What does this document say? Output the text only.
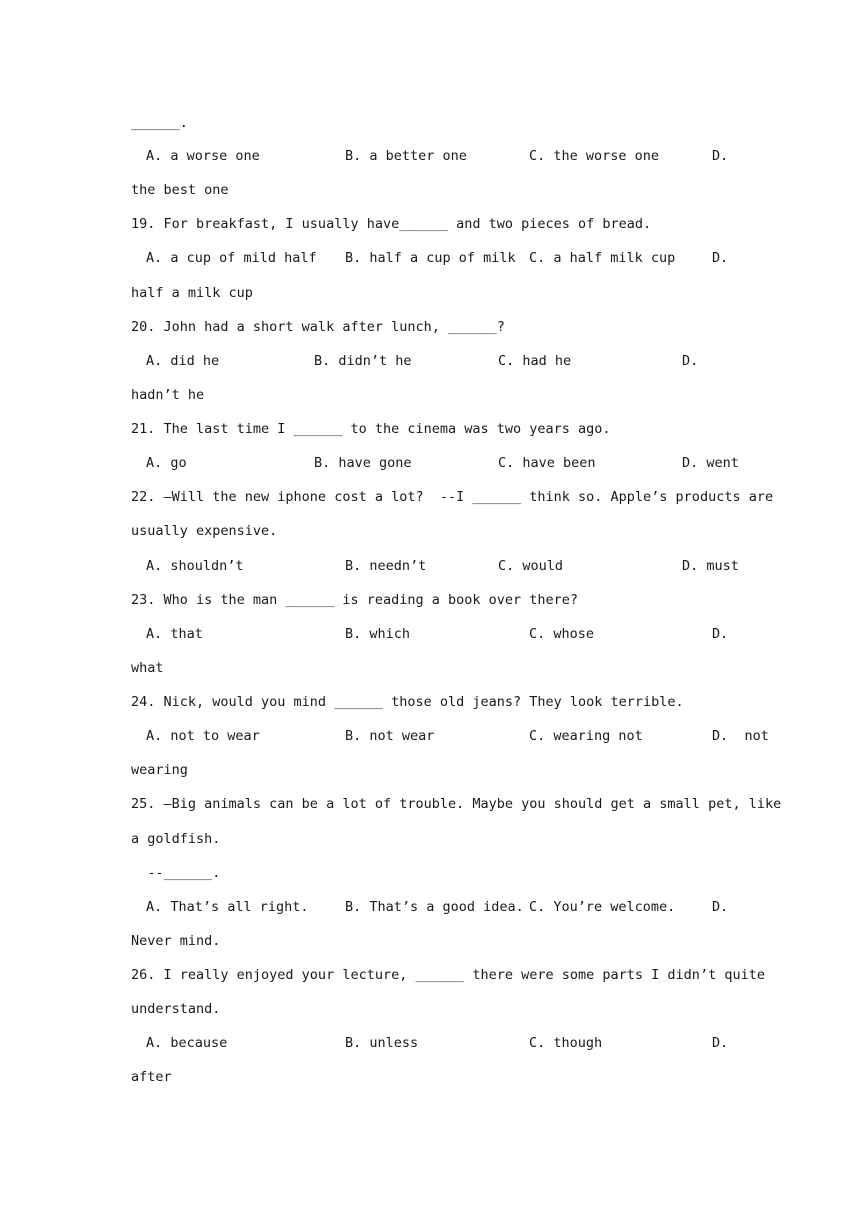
______.
A. a worse one	B. a better one	C. the worse one	D.
the best one
19. For breakfast, I usually have______ and two pieces of bread.
A. a cup of mild half B. half a cup of milk C. a half milk cup	D.
half a milk cup
20. John had a short walk after lunch, ______?
A. did he	B. didn’t he	C. had he	D.
hadn’t he
21. The last time I ______ to the cinema was two years ago.
A. go	B. have gone	C. have been	D. went
22. –Will the new iphone cost a lot?  --I ______ think so. Apple’s products are
usually expensive.
A. shouldn’t	B. needn’t	C. would	D. must
23. Who is the man ______ is reading a book over there?
A. that	B. which	C. whose	D.
what
24. Nick, would you mind ______ those old jeans? They look terrible.
A. not to wear	B. not wear	C. wearing not	D.  not
wearing
25. –Big animals can be a lot of trouble. Maybe you should get a small pet, like
a goldfish.
--______.
A. That’s all right.	B. That’s a good idea. C. You’re welcome.	D.
Never mind.
26. I really enjoyed your lecture, ______ there were some parts I didn’t quite
understand.
A. because	B. unless	C. though	D.
after
